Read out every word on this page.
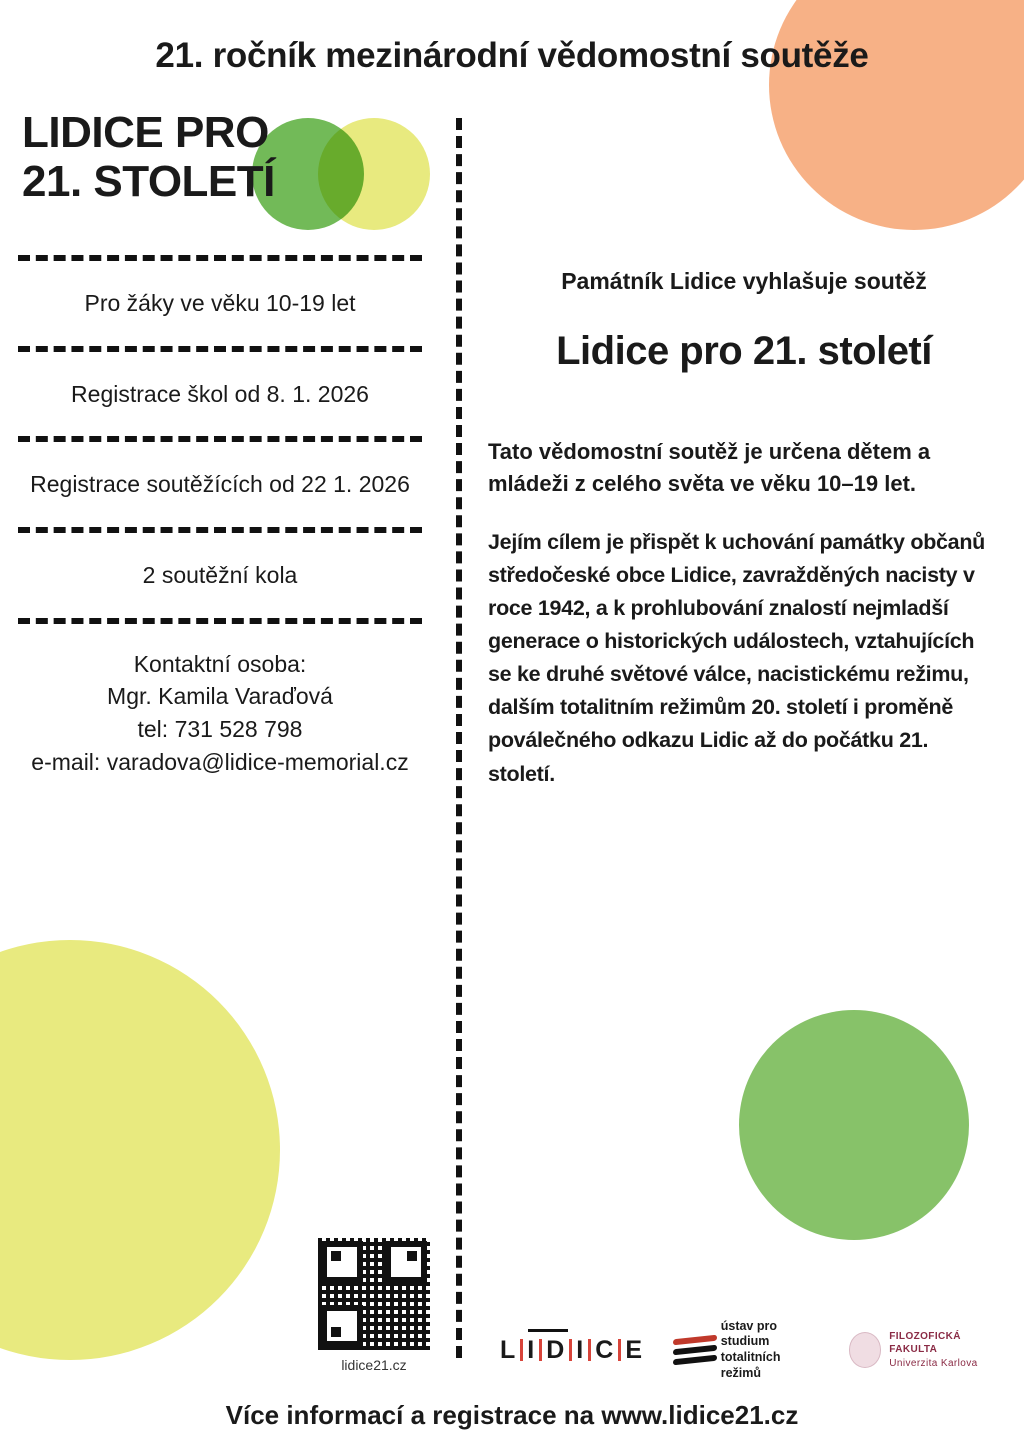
21. ročník mezinárodní vědomostní soutěže
LIDICE PRO
21. STOLETÍ
Pro žáky ve věku 10-19 let
Registrace škol od 8. 1. 2026
Registrace soutěžících od 22 1. 2026
2 soutěžní kola
Kontaktní osoba:
Mgr. Kamila Varaďová
tel: 731 528 798
e-mail: varadova@lidice-memorial.cz
Památník Lidice vyhlašuje soutěž
Lidice pro 21. století
Tato vědomostní soutěž je určena dětem a mládeži z celého světa ve věku 10–19 let.
Jejím cílem je přispět k uchování památky občanů středočeské obce Lidice, zavražděných nacisty v roce 1942, a k prohlubování znalostí nejmladší generace o historických událostech, vztahujících se ke druhé světové válce, nacistickému režimu, dalším totalitním režimům 20. století i proměně poválečného odkazu Lidic až do počátku 21. století.
lidice21.cz
L I D I C E
ústav pro studium
totalitních režimů
FILOZOFICKÁ FAKULTA
Univerzita Karlova
Více informací a registrace na www.lidice21.cz
